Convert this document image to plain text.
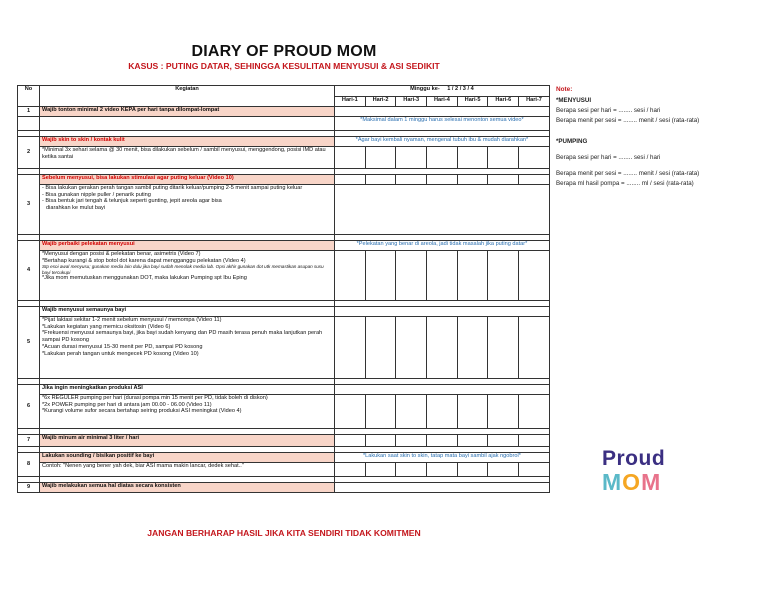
DIARY OF PROUD MOM
KASUS : PUTING DATAR, SEHINGGA KESULITAN MENYUSUI & ASI SEDIKIT
No	Kegiatan	Minggu ke- 1 / 2 / 3 / 4						
		Hari-1	Hari-2	Hari-3	Hari-4	Hari-5	Hari-6	Hari-7
1	Wajib tonton minimal 2 video KEPA per hari tanpa dilompat-lompat							
		*Maksimal dalam 1 minggu harus selesai menonton semua video*						

2	Wajib skin to skin / kontak kulit	*Agar bayi kembali nyaman, mengenal tubuh ibu & mudah diarahkan*						
	*Minimal 3x sehari selama @ 30 menit, bisa dilakukan sebelum / sambil menyusui, menggendong, posisi IMD atau ketika santai							

3	Sebelum menyusui, bisa lakukan stimulasi agar puting keluar (Video 10)							

	- Bisa lakukan gerakan perah tangan sambil puting ditarik keluar/pumping 2-5 menit sampai puting keluar
- Bisa gunakan nipple puller / penarik puting
- Bisa bentuk jari tengah & telunjuk seperti gunting, jepit areola agar bisa
diarahkan ke mulut bayi							

4	Wajib perbaiki pelekatan menyusui	*Pelekatan yang benar di areola, jadi tidak masalah jika puting datar*						

	*Menyusui dengan posisi & pelekatan benar, asimetris (Video 7)
*Bertahap kurangi & stop botol dot karena dapat mengganggu pelekatan (Video 4)
Stp esoi awal menyusu; gunakan media lain dulu jika bayi sudah menolak media lab. Opsi akhir gunakan dot utk memastikan asupan susu bayi tercukupi
*Jika mom memutuskan menggunakan DOT, maka lakukan Pumping spt Ibu Eping							

5	Wajib menyusui semaunya bayi							

	*Pijat laktasi sekitar 1-2 menit sebelum menyusui / memompa (Video 11)
*Lakukan kegiatan yang memicu oksitosin (Video 6)
*Frekuensi menyusui semaunya bayi, jika bayi sudah kenyang dan PD masih terasa penuh maka lanjutkan perah sampai PD kosong
*Acuan durasi menyusui 15-30 menit per PD, sampai PD kosong
*Lakukan perah tangan untuk mengecek PD kosong (Video 10)							

6	Jika ingin meningkatkan produksi ASI							

	*6x REGULER pumping per hari (durasi pompa min 15 menit per PD, tidak boleh di diskon)
*2x POWER pumping per hari di antara jam 00.00 - 06.00 (Video 11)
*Kurangi volume sufor secara bertahap seiring produksi ASI meningkat (Video 4)							

7	Wajib minum air minimal 3 liter / hari							

8	Lakukan sounding / bisikan positif ke bayi	*Lakukan saat skin to skin, tatap mata bayi sambil ajak ngobrol*						
	Contoh: "Nenen yang bener yah dek, biar ASI mama makin lancar, dedek sehat.."							

9	Wajib melakukan semua hal diatas secara konsisten							
JANGAN BERHARAP HASIL JIKA KITA SENDIRI TIDAK KOMITMEN
Note:
*MENYUSUI
Berapa sesi per hari = ........ sesi / hari
Berapa menit per sesi = ........ menit / sesi (rata-rata)
*PUMPING
Berapa sesi per hari = ........ sesi / hari
Berapa menit per sesi = ........ menit / sesi (rata-rata)
Berapa ml hasil pompa = ........ ml / sesi (rata-rata)
Proud
MOM
